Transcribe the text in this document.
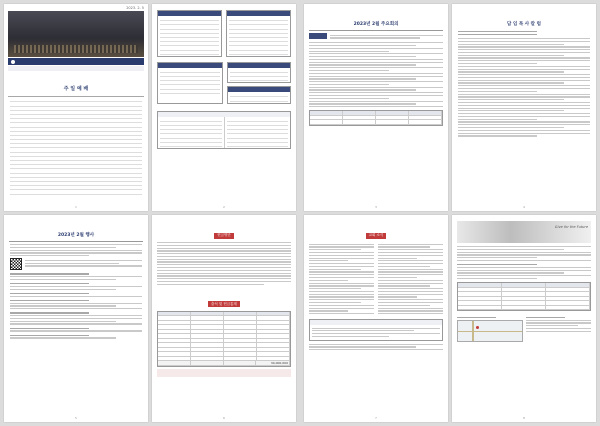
2023. 2. 5
주 일 예 배
1	2
2023년 2월 주요회의
3
담 임 목 사 칼 럼
4
2023년 2월 행사
5
헌금명단
출석 및 헌금통계
34,000,000
6
교회 소식
7
Give for the Future
8
